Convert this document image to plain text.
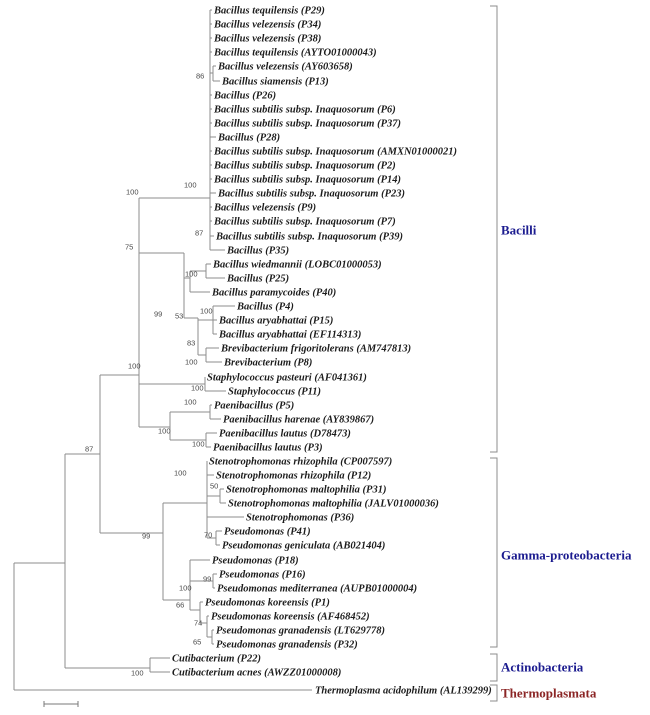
Bacillus tequilensis (P29)
Bacillus velezensis (P34)
Bacillus velezensis (P38)
Bacillus tequilensis (AYTO01000043)
Bacillus velezensis (AY603658)
Bacillus siamensis (P13)
Bacillus (P26)
Bacillus subtilis subsp. Inaquosorum (P6)
Bacillus subtilis subsp. Inaquosorum (P37)
Bacillus (P28)
Bacillus subtilis subsp. Inaquosorum (AMXN01000021)
Bacillus subtilis subsp. Inaquosorum (P2)
Bacillus subtilis subsp. Inaquosorum (P14)
Bacillus subtilis subsp. Inaquosorum (P23)
Bacillus velezensis (P9)
Bacillus subtilis subsp. Inaquosorum (P7)
Bacillus subtilis subsp. Inaquosorum (P39)
Bacillus (P35)
Bacillus wiedmannii (LOBC01000053)
Bacillus (P25)
Bacillus paramycoides (P40)
Bacillus (P4)
Bacillus aryabhattai (P15)
Bacillus aryabhattai (EF114313)
Brevibacterium frigoritolerans (AM747813)
Brevibacterium (P8)
Staphylococcus pasteuri (AF041361)
Staphylococcus (P11)
Paenibacillus (P5)
Paenibacillus harenae (AY839867)
Paenibacillus lautus (D78473)
Paenibacillus lautus (P3)
Stenotrophomonas rhizophila (CP007597)
Stenotrophomonas rhizophila (P12)
Stenotrophomonas maltophilia (P31)
Stenotrophomonas maltophilia (JALV01000036)
Stenotrophomonas (P36)
Pseudomonas (P41)
Pseudomonas geniculata (AB021404)
Pseudomonas (P18)
Pseudomonas (P16)
Pseudomonas mediterranea (AUPB01000004)
Pseudomonas koreensis (P1)
Pseudomonas koreensis (AF468452)
Pseudomonas granadensis (LT629778)
Pseudomonas granadensis (P32)
Cutibacterium (P22)
Cutibacterium acnes (AWZZ01000008)
Thermoplasma acidophilum (AL139299)
86
100
87
100
100
75
99 53
100
83
100
100
100
100
100
100
100
50
99	70
100
99
66
74
65
87
100
Bacilli
Gamma-proteobacteria
Actinobacteria
Thermoplasmata
